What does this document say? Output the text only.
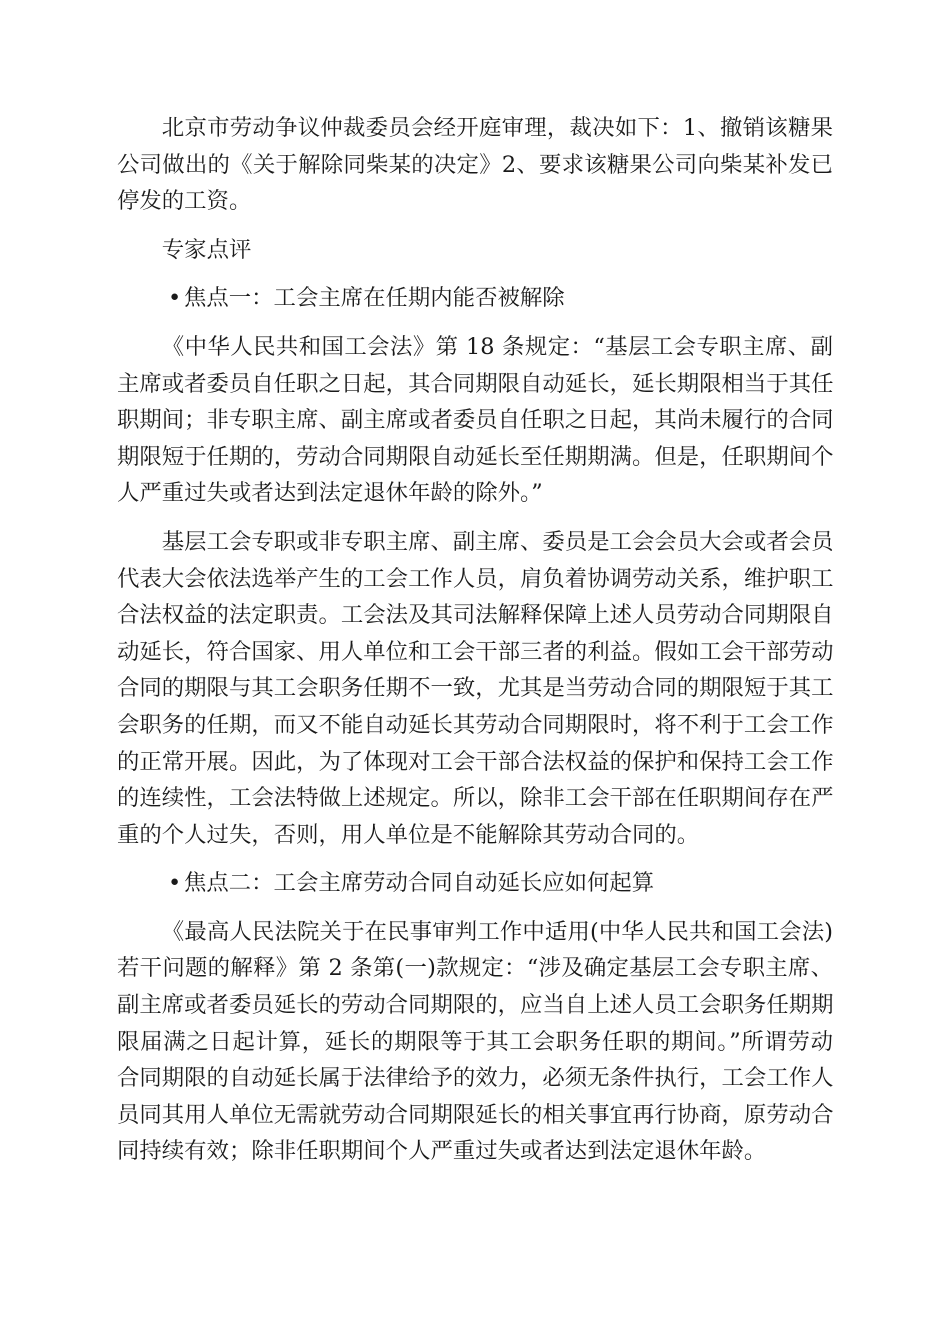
北京市劳动争议仲裁委员会经开庭审理，裁决如下：1、撤销该糖果
公司做出的《关于解除同柴某的决定》2、要求该糖果公司向柴某补发已
停发的工资。
专家点评
• 焦点一：工会主席在任期内能否被解除
《中华人民共和国工会法》第 18 条规定：“基层工会专职主席、副
主席或者委员自任职之日起，其合同期限自动延长，延长期限相当于其任
职期间；非专职主席、副主席或者委员自任职之日起，其尚未履行的合同
期限短于任期的，劳动合同期限自动延长至任期期满。但是，任职期间个
人严重过失或者达到法定退休年龄的除外。”
基层工会专职或非专职主席、副主席、委员是工会会员大会或者会员
代表大会依法选举产生的工会工作人员，肩负着协调劳动关系，维护职工
合法权益的法定职责。工会法及其司法解释保障上述人员劳动合同期限自
动延长，符合国家、用人单位和工会干部三者的利益。假如工会干部劳动
合同的期限与其工会职务任期不一致，尤其是当劳动合同的期限短于其工
会职务的任期，而又不能自动延长其劳动合同期限时，将不利于工会工作
的正常开展。因此，为了体现对工会干部合法权益的保护和保持工会工作
的连续性，工会法特做上述规定。所以，除非工会干部在任职期间存在严
重的个人过失，否则，用人单位是不能解除其劳动合同的。
• 焦点二：工会主席劳动合同自动延长应如何起算
《最高人民法院关于在民事审判工作中适用(中华人民共和国工会法)
若干问题的解释》第 2 条第(一)款规定：“涉及确定基层工会专职主席、
副主席或者委员延长的劳动合同期限的，应当自上述人员工会职务任期期
限届满之日起计算，延长的期限等于其工会职务任职的期间。”所谓劳动
合同期限的自动延长属于法律给予的效力，必须无条件执行，工会工作人
员同其用人单位无需就劳动合同期限延长的相关事宜再行协商，原劳动合
同持续有效；除非任职期间个人严重过失或者达到法定退休年龄。
